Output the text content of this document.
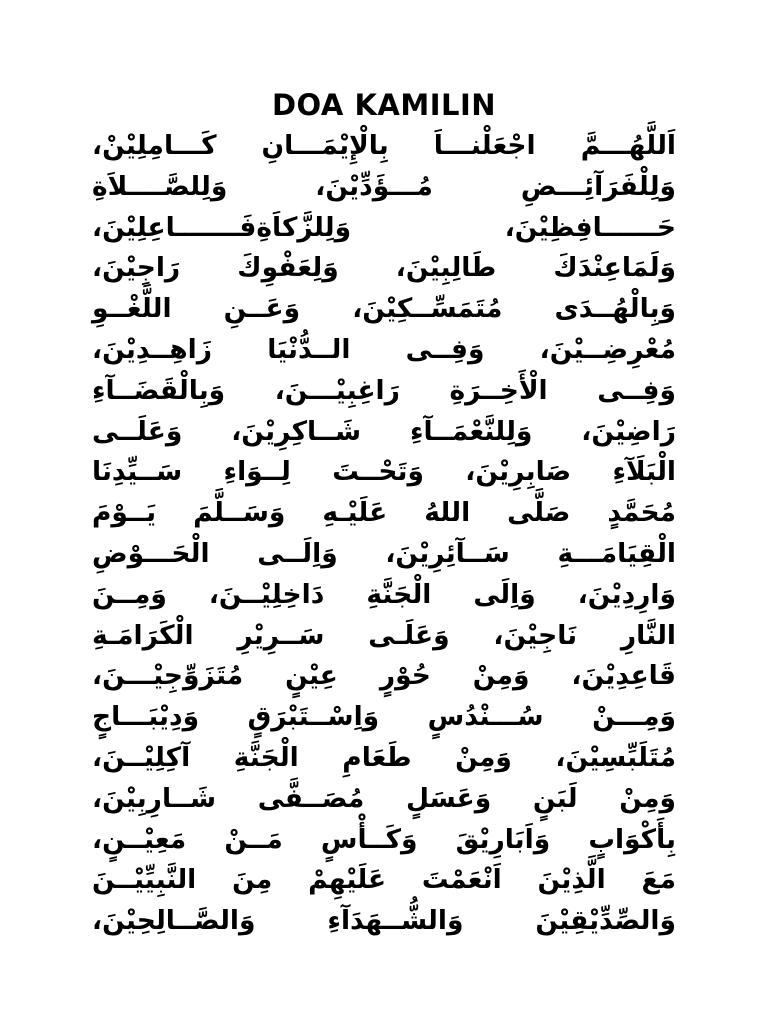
DOA KAMILIN
اَللَّهُـــمَّ اجْعَلْنـــاَ بِالْإِيْمَـــانِ كَـــامِلِيْنْ،
وَلِلْفَرَآئِـــضِ مُـــؤَدِّيْنَ، وَلِلصَّــــلاَةِ
حَــــــافِظِيْنَ، وَلِلزَّكاَةِفَـــــــاعِلِيْنَ،
وَلَمَاعِنْدَكَ طَالِبِيْنَ، وَلِعَفْوِكَ رَاجِيْنَ،
وَبِالْهُــدَى مُتَمَسِّــكِيْنَ، وَعَــنِ اللَّغْــوِ
مُعْرِضِــيْنَ، وَفِــى الــدُّنْيَا زَاهِــدِيْنَ،
وَفِــى الْأَخِــرَةِ رَاغِبِيْـــنَ، وَبِالْقَضَــآءِ
رَاضِيْنَ، وَلِلنَّعْمَــآءِ شَــاكِرِيْنَ، وَعَلَــى
الْبَلَآءِ صَابِرِيْنَ، وَتَحْــتَ لِــوَاءِ سَــيِّدِنَا
مُحَمَّدٍ صَلَّى اللهُ عَلَيْـهِ وَسَــلَّمَ يَــوْمَ
الْقِيَامَـــةِ سَــآئِرِيْنَ، وَاِلَــى الْحَـــوْضِ
وَارِدِيْنَ، وَاِلَى الْجَنَّةِ دَاخِلِيْــنَ، وَمِــنَ
النَّارِ نَاجِيْنَ، وَعَلَـى سَــرِيْرِ الْكَرَامَـةِ
قَاعِدِيْنَ، وَمِنْ حُوْرٍ عِيْنٍ مُتَزَوِّجِيْـــنَ،
وَمِـــنْ سُـــنْدُسٍ وَاِسْــتَبْرَقٍ وَدِيْبَـــاجٍ
مُتَلَبِّسِيْنَ، وَمِنْ طَعَامِ الْجَنَّةِ آكِلِيْــنَ،
وَمِنْ لَبَنٍ وَعَسَلٍ مُصَــفَّى شَــارِبِيْنَ،
بِأَكْوَابٍ وَاَبَارِيْقَ وَكَــأْسٍ مَــنْ مَعِيْــنٍ،
مَعَ الَّذِيْنَ اَنْعَمْتَ عَلَيْهِمْ مِنَ النَّبِيِّيْــنَ
وَالصِّدِّيْقِيْنَ وَالشُّــهَدَآءِ وَالصَّــالِحِيْنَ،
